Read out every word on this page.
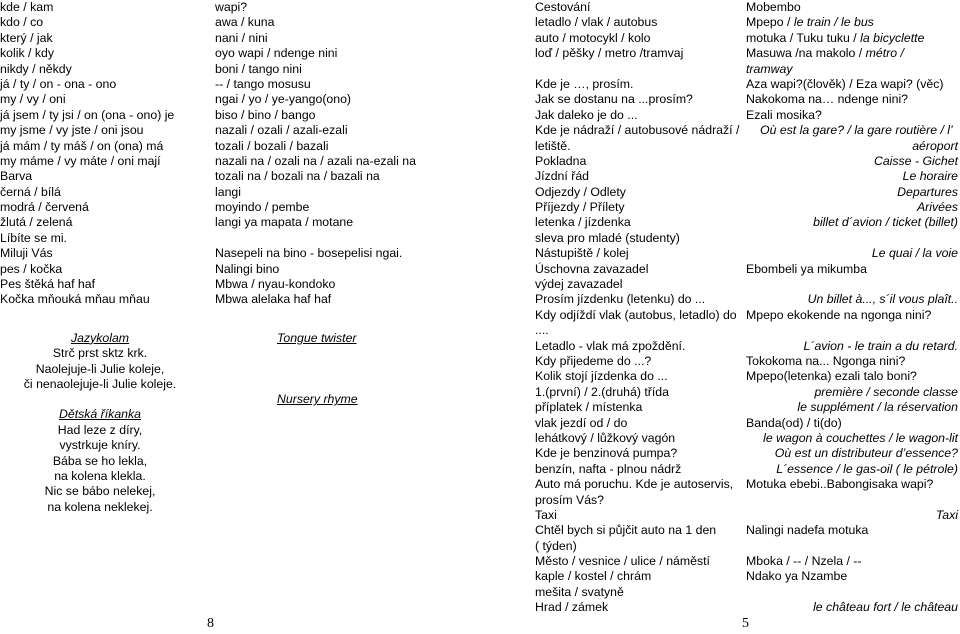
kde / kam
kdo / co
který / jak
kolik / kdy
nikdy / někdy
já / ty / on - ona - ono
my / vy / oni
já jsem / ty jsi / on (ona - ono) je
my jsme / vy jste / oni jsou
já mám / ty máš / on (ona) má
my máme / vy máte / oni mají
Barva
černá / bílá
modrá / červená
žlutá / zelená
Líbíte se mi.
Miluji Vás
pes / kočka
Pes štěká haf haf
Kočka mňouká mňau mňau
Jazykolam
Strč prst sktz krk.
Naolejuje-li Julie koleje,
či nenaolejuje-li Julie koleje.
Dětská říkanka
Had leze z díry,
vystrkuje kníry.
Bába se ho lekla,
na kolena klekla.
Nic se bábo nelekej,
na kolena neklekej.
wapi?
awa / kuna
nani / nini
oyo wapi / ndenge nini
boni / tango nini
-- / tango mosusu
ngai / yo / ye-yango(ono)
biso / bino / bango
nazali / ozali / azali-ezali
tozali / bozali / bazali
nazali na / ozali na / azali na-ezali na
tozali na / bozali na / bazali na
langi
moyindo / pembe
langi ya mapata / motane
Nasepeli na bino - bosepelisi ngai.
Nalingi bino
Mbwa / nyau-kondoko
Mbwa alelaka haf haf
Tongue twister
Nursery rhyme
Cestování
letadlo / vlak / autobus
auto / motocykl / kolo
loď / pěšky / metro /tramvaj
Kde je …, prosím.
Jak se dostanu na ...prosím?
Jak daleko je do ...
Kde je nádraží / autobusové nádraží /
letiště.
Pokladna
Jízdní řád
Odjezdy / Odlety
Příjezdy / Přílety
letenka / jízdenka
sleva pro mladé (studenty)
Nástupiště / kolej
Úschovna zavazadel
výdej zavazadel
Prosím jízdenku (letenku) do ...
Kdy odjíždí vlak (autobus, letadlo) do
....
Letadlo - vlak má zpoždění.
Kdy přijedeme do ...?
Kolik stojí jízdenka do ...
1.(první) / 2.(druhá) třída
příplatek / místenka
vlak jezdí od / do
lehátkový / lůžkový vagón
Kde je benzinová pumpa?
benzín, nafta - plnou nádrž
Auto má poruchu. Kde je autoservis,
prosím Vás?
Taxi
Chtěl bych si půjčit auto na 1 den
( týden)
Město / vesnice / ulice / náměstí
kaple / kostel / chrám
mešita / svatyně
Hrad / zámek
Mobembo
Mpepo / le train / le bus
motuka / Tuku tuku / la bicyclette
Masuwa /na makolo / métro /
tramway
Aza wapi?(člověk) / Eza wapi? (věc)
Nakokoma na… ndenge nini?
Ezali mosika?
Où est la gare? / la gare routière / l’
aéroport
Caisse - Gichet
Le horaire
Departures
Arivées
billet d´avion / ticket (billet)
Le quai / la voie
Ebombeli ya mikumba
Un billet à..., s´il vous plaît..
Mpepo ekokende na ngonga nini?
L´avion - le train a du retard.
Tokokoma na... Ngonga nini?
Mpepo(letenka) ezali talo boni?
première / seconde classe
le supplément / la réservation
Banda(od) / ti(do)
le wagon à couchettes / le wagon-lit
Où est un distributeur d’essence?
L´essence / le gas-oil ( le pétrole)
Motuka ebebi..Babongisaka wapi?
Taxi
Nalingi nadefa motuka
Mboka / -- / Nzela / --
Ndako ya Nzambe
le château fort / le château
8	5
